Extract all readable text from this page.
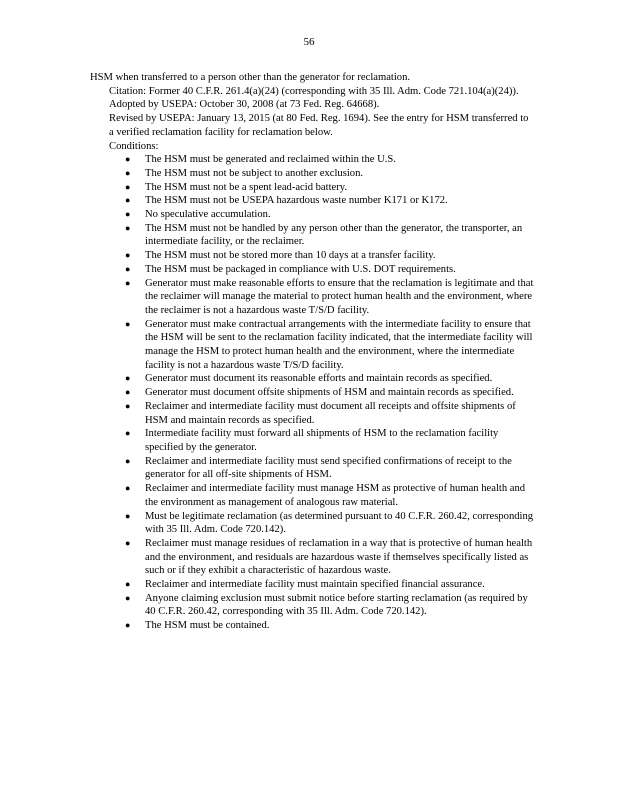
56

HSM when transferred to a person other than the generator for reclamation.

Citation: Former 40 C.F.R. 261.4(a)(24) (corresponding with 35 Ill. Adm. Code 721.104(a)(24)).

Adopted by USEPA: October 30, 2008 (at 73 Fed. Reg. 64668).

Revised by USEPA: January 13, 2015 (at 80 Fed. Reg. 1694). See the entry for HSM transferred to a verified reclamation facility for reclamation below.

Conditions:

● The HSM must be generated and reclaimed within the U.S.
● The HSM must not be subject to another exclusion.
● The HSM must not be a spent lead-acid battery.
● The HSM must not be USEPA hazardous waste number K171 or K172.
● No speculative accumulation.
● The HSM must not be handled by any person other than the generator, the transporter, an intermediate facility, or the reclaimer.
● The HSM must not be stored more than 10 days at a transfer facility.
● The HSM must be packaged in compliance with U.S. DOT requirements.
● Generator must make reasonable efforts to ensure that the reclamation is legitimate and that the reclaimer will manage the material to protect human health and the environment, where the reclaimer is not a hazardous waste T/S/D facility.
● Generator must make contractual arrangements with the intermediate facility to ensure that the HSM will be sent to the reclamation facility indicated, that the intermediate facility will manage the HSM to protect human health and the environment, where the intermediate facility is not a hazardous waste T/S/D facility.
● Generator must document its reasonable efforts and maintain records as specified.
● Generator must document offsite shipments of HSM and maintain records as specified.
● Reclaimer and intermediate facility must document all receipts and offsite shipments of HSM and maintain records as specified.
● Intermediate facility must forward all shipments of HSM to the reclamation facility specified by the generator.
● Reclaimer and intermediate facility must send specified confirmations of receipt to the generator for all off-site shipments of HSM.
● Reclaimer and intermediate facility must manage HSM as protective of human health and the environment as management of analogous raw material.
● Must be legitimate reclamation (as determined pursuant to 40 C.F.R. 260.42, corresponding with 35 Ill. Adm. Code 720.142).
● Reclaimer must manage residues of reclamation in a way that is protective of human health and the environment, and residuals are hazardous waste if themselves specifically listed as such or if they exhibit a characteristic of hazardous waste.
● Reclaimer and intermediate facility must maintain specified financial assurance.
● Anyone claiming exclusion must submit notice before starting reclamation (as required by 40 C.F.R. 260.42, corresponding with 35 Ill. Adm. Code 720.142).
● The HSM must be contained.
